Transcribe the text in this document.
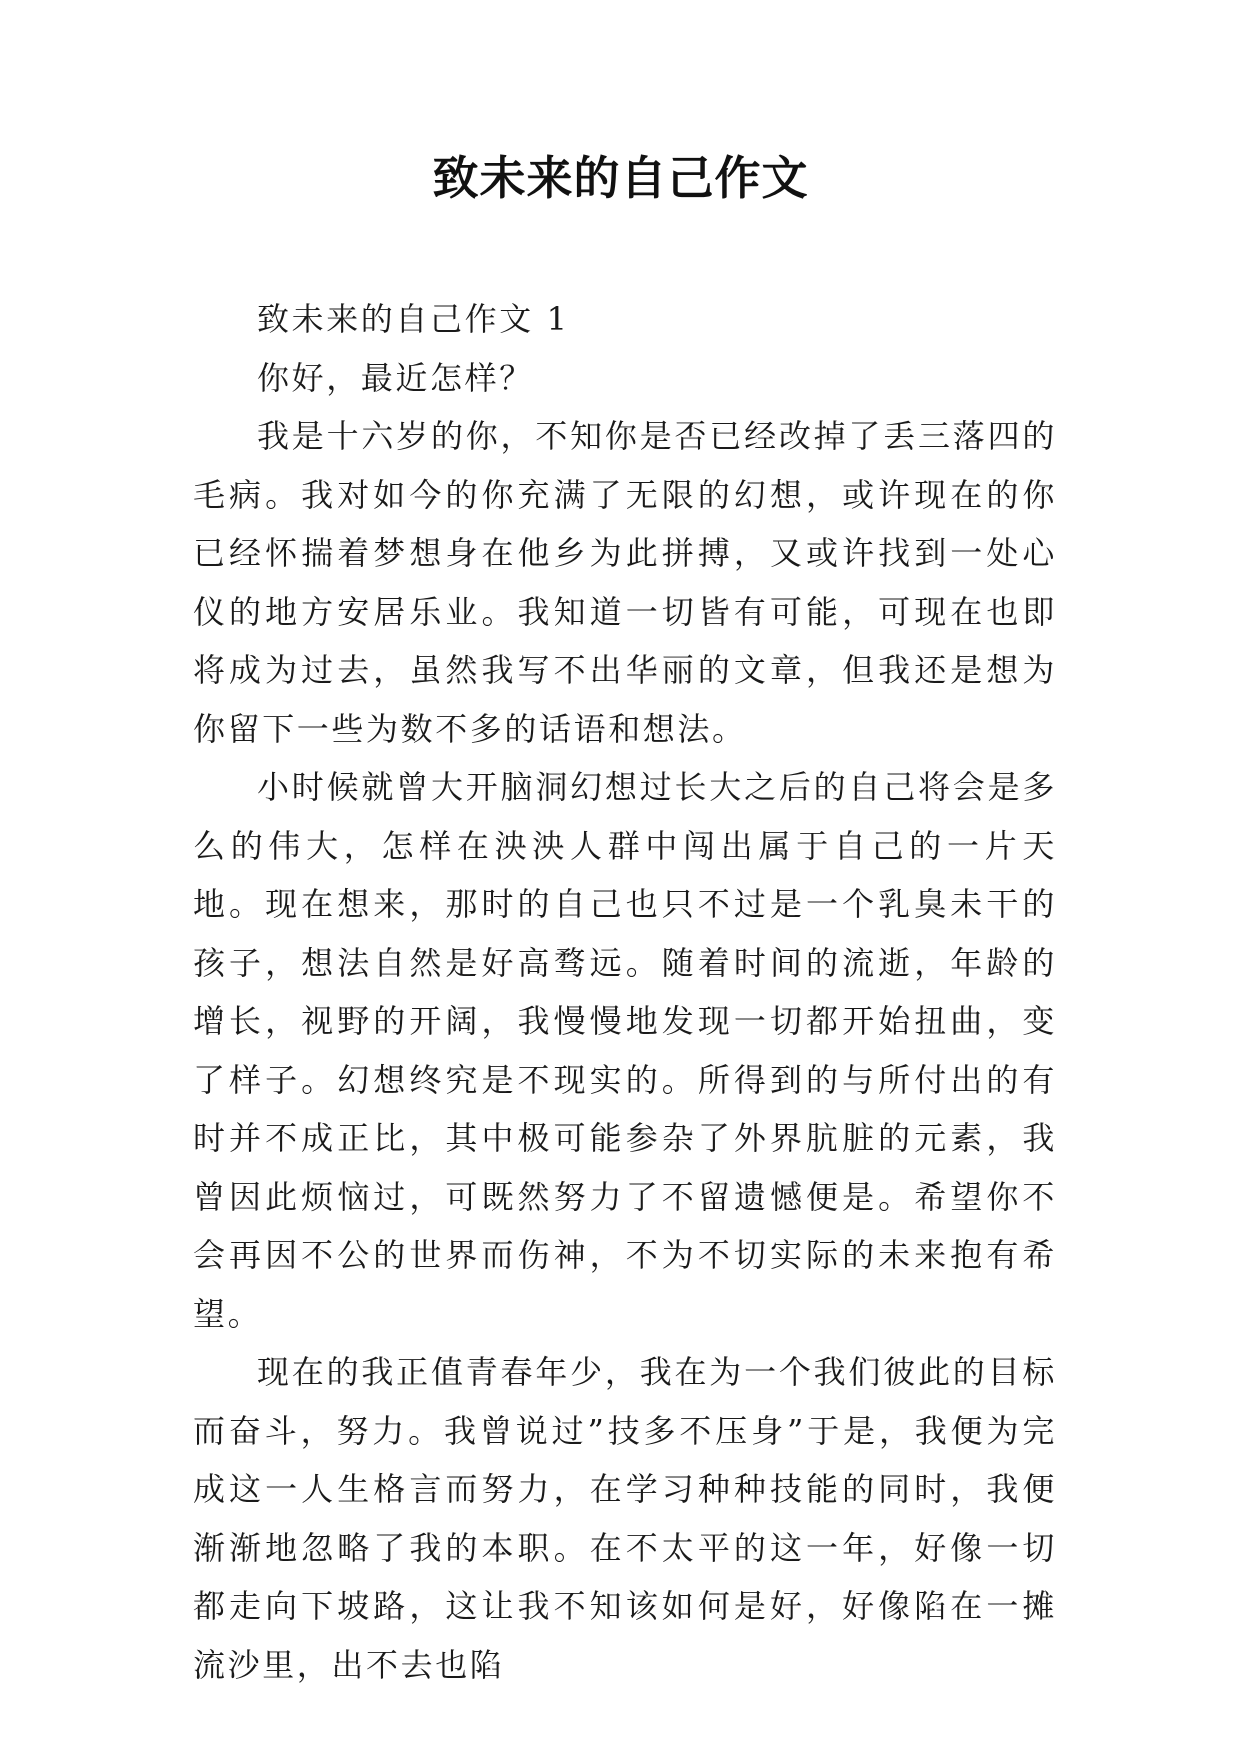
致未来的自己作文

致未来的自己作文 1

你好，最近怎样？

我是十六岁的你，不知你是否已经改掉了丢三落四的毛病。我对如今的你充满了无限的幻想，或许现在的你已经怀揣着梦想身在他乡为此拼搏，又或许找到一处心仪的地方安居乐业。我知道一切皆有可能，可现在也即将成为过去，虽然我写不出华丽的文章，但我还是想为你留下一些为数不多的话语和想法。

小时候就曾大开脑洞幻想过长大之后的自己将会是多么的伟大，怎样在泱泱人群中闯出属于自己的一片天地。现在想来，那时的自己也只不过是一个乳臭未干的孩子，想法自然是好高骛远。随着时间的流逝，年龄的增长，视野的开阔，我慢慢地发现一切都开始扭曲，变了样子。幻想终究是不现实的。所得到的与所付出的有时并不成正比，其中极可能参杂了外界肮脏的元素，我曾因此烦恼过，可既然努力了不留遗憾便是。希望你不会再因不公的世界而伤神，不为不切实际的未来抱有希望。

现在的我正值青春年少，我在为一个我们彼此的目标而奋斗，努力。我曾说过”技多不压身”于是，我便为完成这一人生格言而努力，在学习种种技能的同时，我便渐渐地忽略了我的本职。在不太平的这一年，好像一切都走向下坡路，这让我不知该如何是好，好像陷在一摊流沙里，出不去也陷
